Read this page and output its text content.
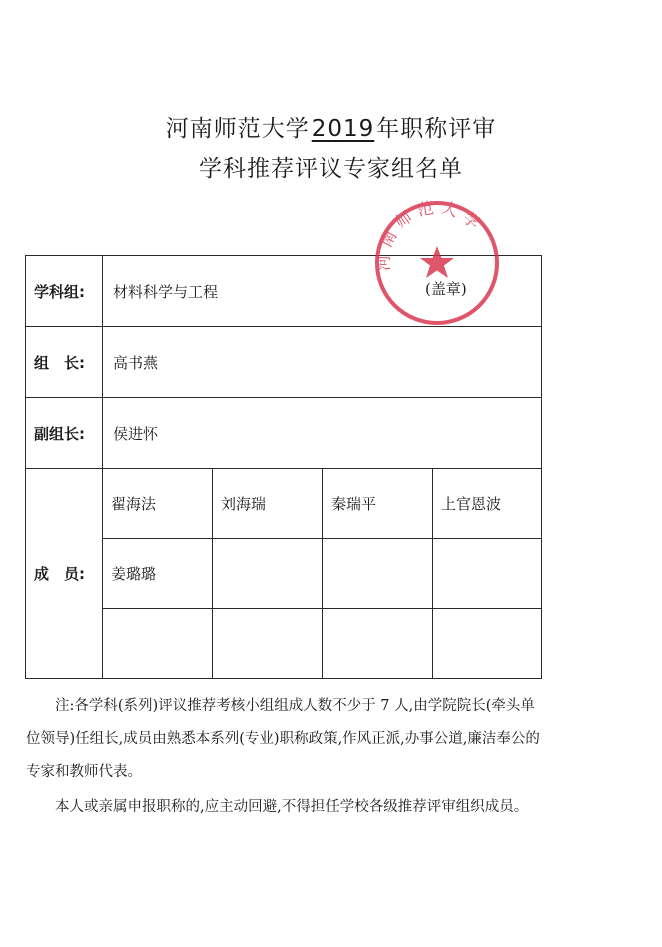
河南师范大学2019年职称评审
学科推荐评议专家组名单
学科组:	材料科学与工程			
组　长:	高书燕			
副组长:	侯进怀			
成　员:	翟海法	刘海瑞	秦瑞平	上官恩波
	姜璐璐			

河南师范大学
(盖章)

注:各学科(系列)评议推荐考核小组组成人数不少于 7 人,由学院院长(牵头单位领导)任组长,成员由熟悉本系列(专业)职称政策,作风正派,办事公道,廉洁奉公的专家和教师代表。

本人或亲属申报职称的,应主动回避,不得担任学校各级推荐评审组织成员。
